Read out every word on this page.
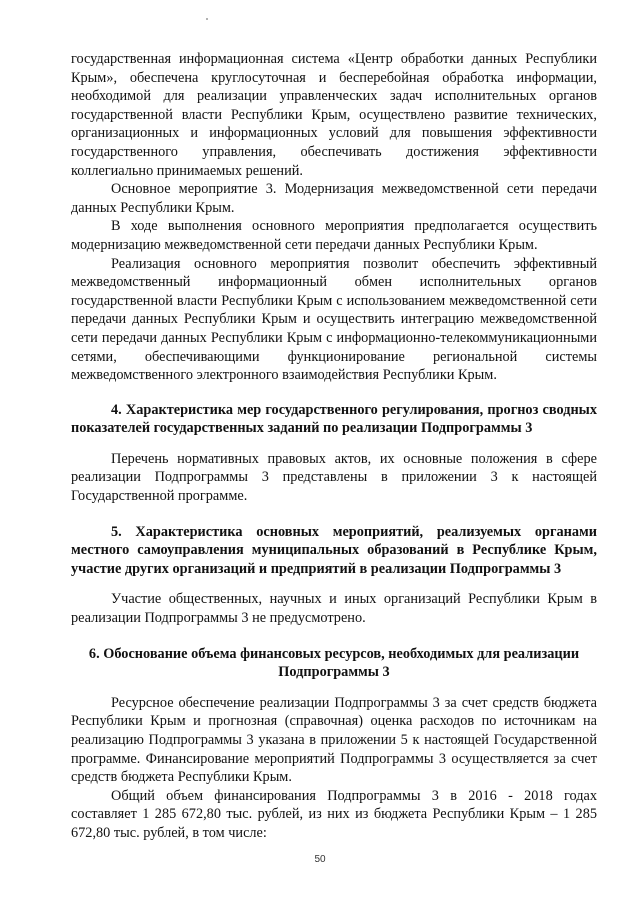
государственная информационная система «Центр обработки данных Республики Крым», обеспечена круглосуточная и бесперебойная обработка информации, необходимой для реализации управленческих задач исполнительных органов государственной власти Республики Крым, осуществлено развитие технических, организационных и информационных условий для повышения эффективности государственного управления, обеспечивать достижения эффективности коллегиально принимаемых решений.

Основное мероприятие 3. Модернизация межведомственной сети передачи данных Республики Крым.

В ходе выполнения основного мероприятия предполагается осуществить модернизацию межведомственной сети передачи данных Республики Крым.

Реализация основного мероприятия позволит обеспечить эффективный межведомственный информационный обмен исполнительных органов государственной власти Республики Крым с использованием межведомственной сети передачи данных Республики Крым и осуществить интеграцию межведомственной сети передачи данных Республики Крым с информационно-телекоммуникационными сетями, обеспечивающими функционирование региональной системы межведомственного электронного взаимодействия Республики Крым.

4. Характеристика мер государственного регулирования, прогноз сводных показателей государственных заданий по реализации Подпрограммы 3

Перечень нормативных правовых актов, их основные положения в сфере реализации Подпрограммы 3 представлены в приложении 3 к настоящей Государственной программе.

5. Характеристика основных мероприятий, реализуемых органами местного самоуправления муниципальных образований в Республике Крым, участие других организаций и предприятий в реализации Подпрограммы 3

Участие общественных, научных и иных организаций Республики Крым в реализации Подпрограммы 3 не предусмотрено.

6. Обоснование объема финансовых ресурсов, необходимых для реализации Подпрограммы 3

Ресурсное обеспечение реализации Подпрограммы 3 за счет средств бюджета Республики Крым и прогнозная (справочная) оценка расходов по источникам на реализацию Подпрограммы 3 указана в приложении 5 к настоящей Государственной программе. Финансирование мероприятий Подпрограммы 3 осуществляется за счет средств бюджета Республики Крым.

Общий объем финансирования Подпрограммы 3 в 2016 - 2018 годах составляет 1 285 672,80 тыс. рублей, из них из бюджета Республики Крым – 1 285 672,80 тыс. рублей, в том числе:

50
